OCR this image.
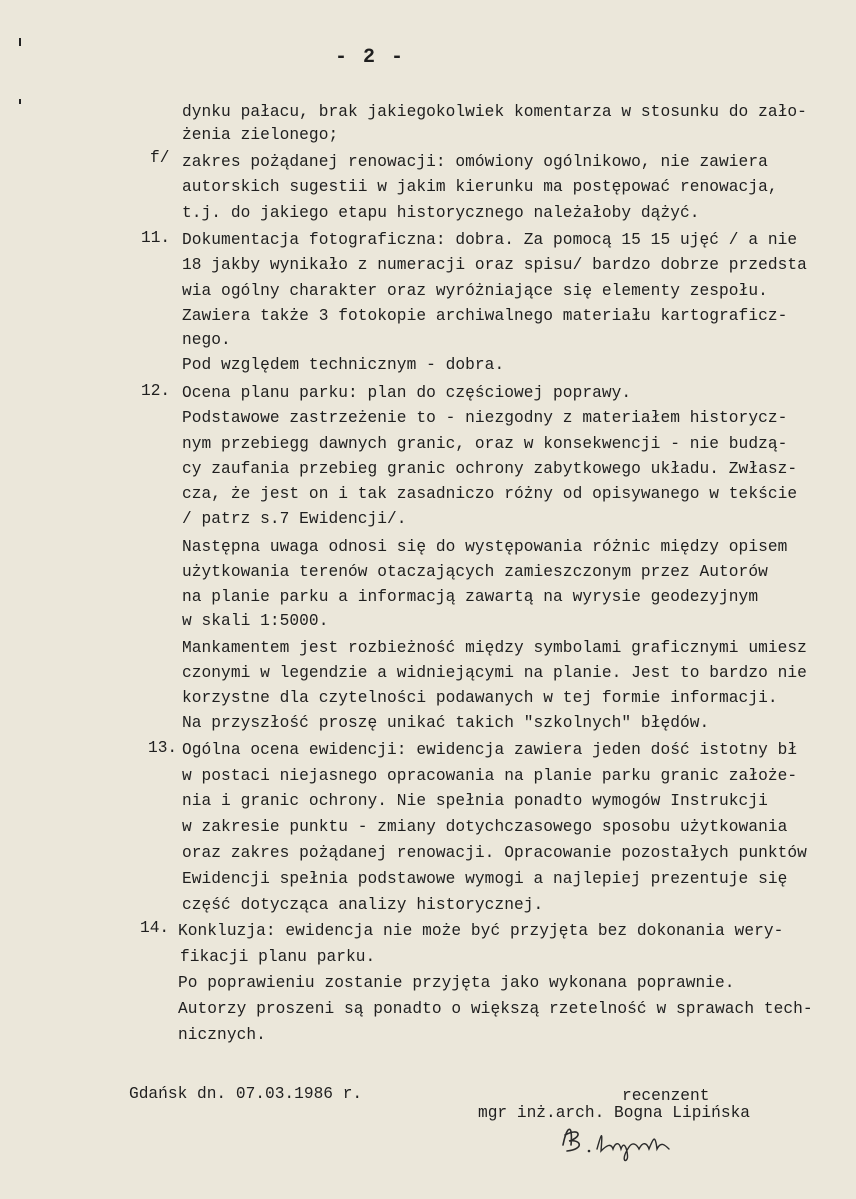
- 2 -
f/
11.
12.
13.
14.
dynku pałacu, brak jakiegokolwiek komentarza w stosunku do zało-
żenia zielonego;
zakres pożądanej renowacji: omówiony ogólnikowo, nie zawiera
autorskich sugestii w jakim kierunku ma postępować renowacja,
t.j. do jakiego etapu historycznego należałoby dążyć.
Dokumentacja fotograficzna: dobra. Za pomocą 15 15 ujęć / a nie
18 jakby wynikało z numeracji oraz spisu/ bardzo dobrze przedsta
wia ogólny charakter oraz wyróżniające się elementy zespołu.
Zawiera także 3 fotokopie archiwalnego materiału kartograficz-
nego.
Pod względem technicznym - dobra.
Ocena planu parku: plan do częściowej poprawy.
Podstawowe zastrzeżenie to - niezgodny z materiałem historycz-
nym przebiegg dawnych granic, oraz w konsekwencji - nie budzą-
cy zaufania przebieg granic ochrony zabytkowego układu. Zwłasz-
cza, że jest on i tak zasadniczo różny od opisywanego w tekście
/ patrz s.7 Ewidencji/.
Następna uwaga odnosi się do występowania różnic między opisem
użytkowania terenów otaczających zamieszczonym przez Autorów
na planie parku a informacją zawartą na wyrysie geodezyjnym
w skali 1:5000.
Mankamentem jest rozbieżność między symbolami graficznymi umiesz
czonymi w legendzie a widniejącymi na planie. Jest to bardzo nie
korzystne dla czytelności podawanych w tej formie informacji.
Na przyszłość proszę unikać takich "szkolnych" błędów.
Ogólna ocena ewidencji: ewidencja zawiera jeden dość istotny bł
w postaci niejasnego opracowania na planie parku granic założe-
nia i granic ochrony. Nie spełnia ponadto wymogów Instrukcji
w zakresie punktu - zmiany dotychczasowego sposobu użytkowania
oraz zakres pożądanej renowacji. Opracowanie pozostałych punktów
Ewidencji spełnia podstawowe wymogi a najlepiej prezentuje się
część dotycząca analizy historycznej.
Konkluzja: ewidencja nie może być przyjęta bez dokonania wery-
fikacji planu parku.
Po poprawieniu zostanie przyjęta jako wykonana poprawnie.
Autorzy proszeni są ponadto o większą rzetelność w sprawach tech-
nicznych.
Gdańsk dn. 07.03.1986 r.	recenzent
mgr inż.arch. Bogna Lipińska
